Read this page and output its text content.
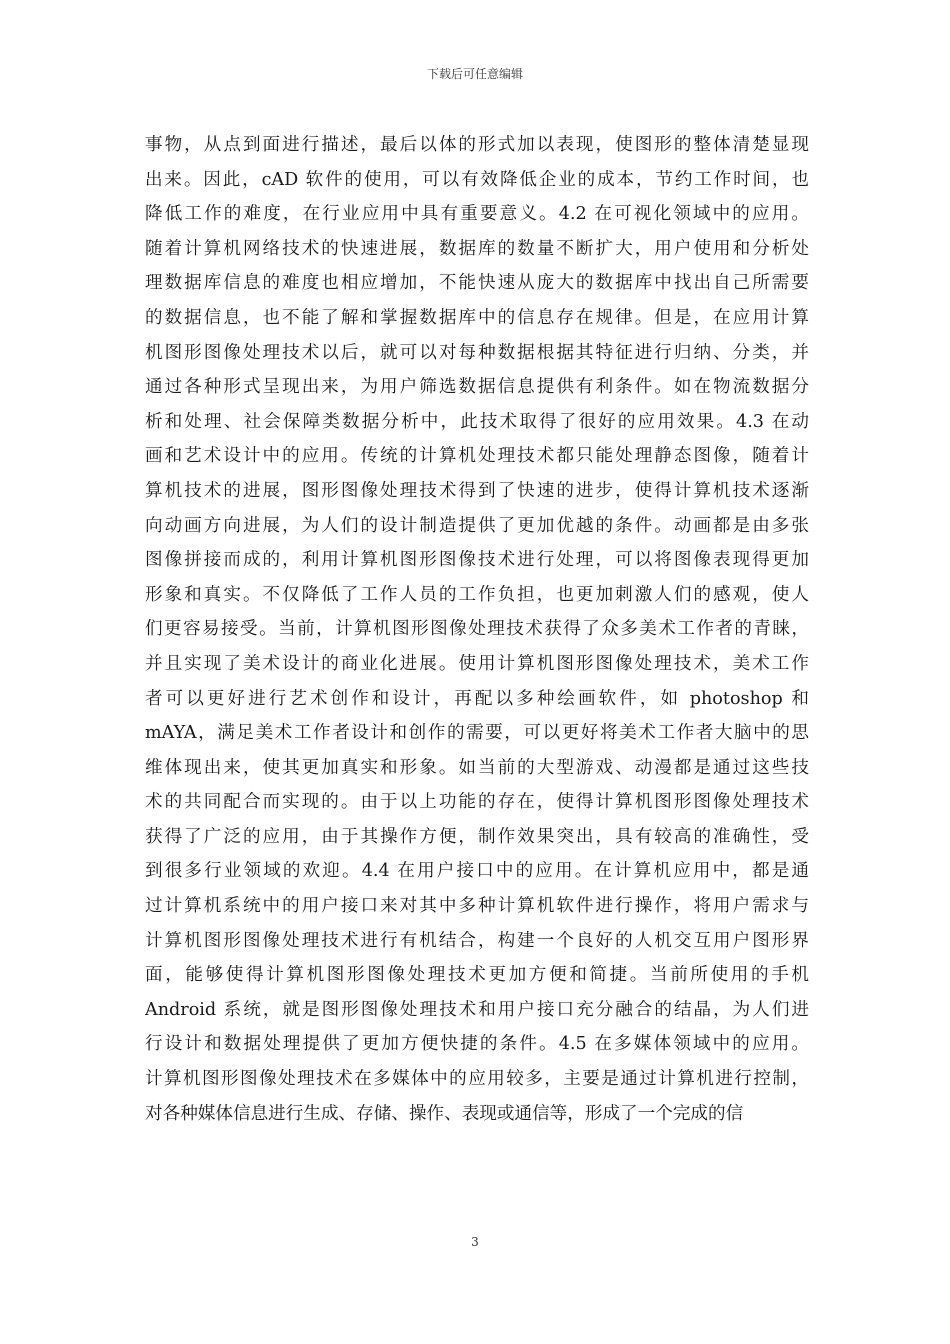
下载后可任意编辑
事物，从点到面进行描述，最后以体的形式加以表现，使图形的整体清楚显现
出来。因此，cAD 软件的使用，可以有效降低企业的成本，节约工作时间，也
降低工作的难度，在行业应用中具有重要意义。4.2 在可视化领域中的应用。
随着计算机网络技术的快速进展，数据库的数量不断扩大，用户使用和分析处
理数据库信息的难度也相应增加，不能快速从庞大的数据库中找出自己所需要
的数据信息，也不能了解和掌握数据库中的信息存在规律。但是，在应用计算
机图形图像处理技术以后，就可以对每种数据根据其特征进行归纳、分类，并
通过各种形式呈现出来，为用户筛选数据信息提供有利条件。如在物流数据分
析和处理、社会保障类数据分析中，此技术取得了很好的应用效果。4.3 在动
画和艺术设计中的应用。传统的计算机处理技术都只能处理静态图像，随着计
算机技术的进展，图形图像处理技术得到了快速的进步，使得计算机技术逐渐
向动画方向进展，为人们的设计制造提供了更加优越的条件。动画都是由多张
图像拼接而成的，利用计算机图形图像技术进行处理，可以将图像表现得更加
形象和真实。不仅降低了工作人员的工作负担，也更加刺激人们的感观，使人
们更容易接受。当前，计算机图形图像处理技术获得了众多美术工作者的青睐，
并且实现了美术设计的商业化进展。使用计算机图形图像处理技术，美术工作
者可以更好进行艺术创作和设计，再配以多种绘画软件，如 photoshop 和
mAYA，满足美术工作者设计和创作的需要，可以更好将美术工作者大脑中的思
维体现出来，使其更加真实和形象。如当前的大型游戏、动漫都是通过这些技
术的共同配合而实现的。由于以上功能的存在，使得计算机图形图像处理技术
获得了广泛的应用，由于其操作方便，制作效果突出，具有较高的准确性，受
到很多行业领域的欢迎。4.4 在用户接口中的应用。在计算机应用中，都是通
过计算机系统中的用户接口来对其中多种计算机软件进行操作，将用户需求与
计算机图形图像处理技术进行有机结合，构建一个良好的人机交互用户图形界
面，能够使得计算机图形图像处理技术更加方便和简捷。当前所使用的手机
Android 系统，就是图形图像处理技术和用户接口充分融合的结晶，为人们进
行设计和数据处理提供了更加方便快捷的条件。4.5 在多媒体领域中的应用。
计算机图形图像处理技术在多媒体中的应用较多，主要是通过计算机进行控制，
对各种媒体信息进行生成、存储、操作、表现或通信等，形成了一个完成的信
3
